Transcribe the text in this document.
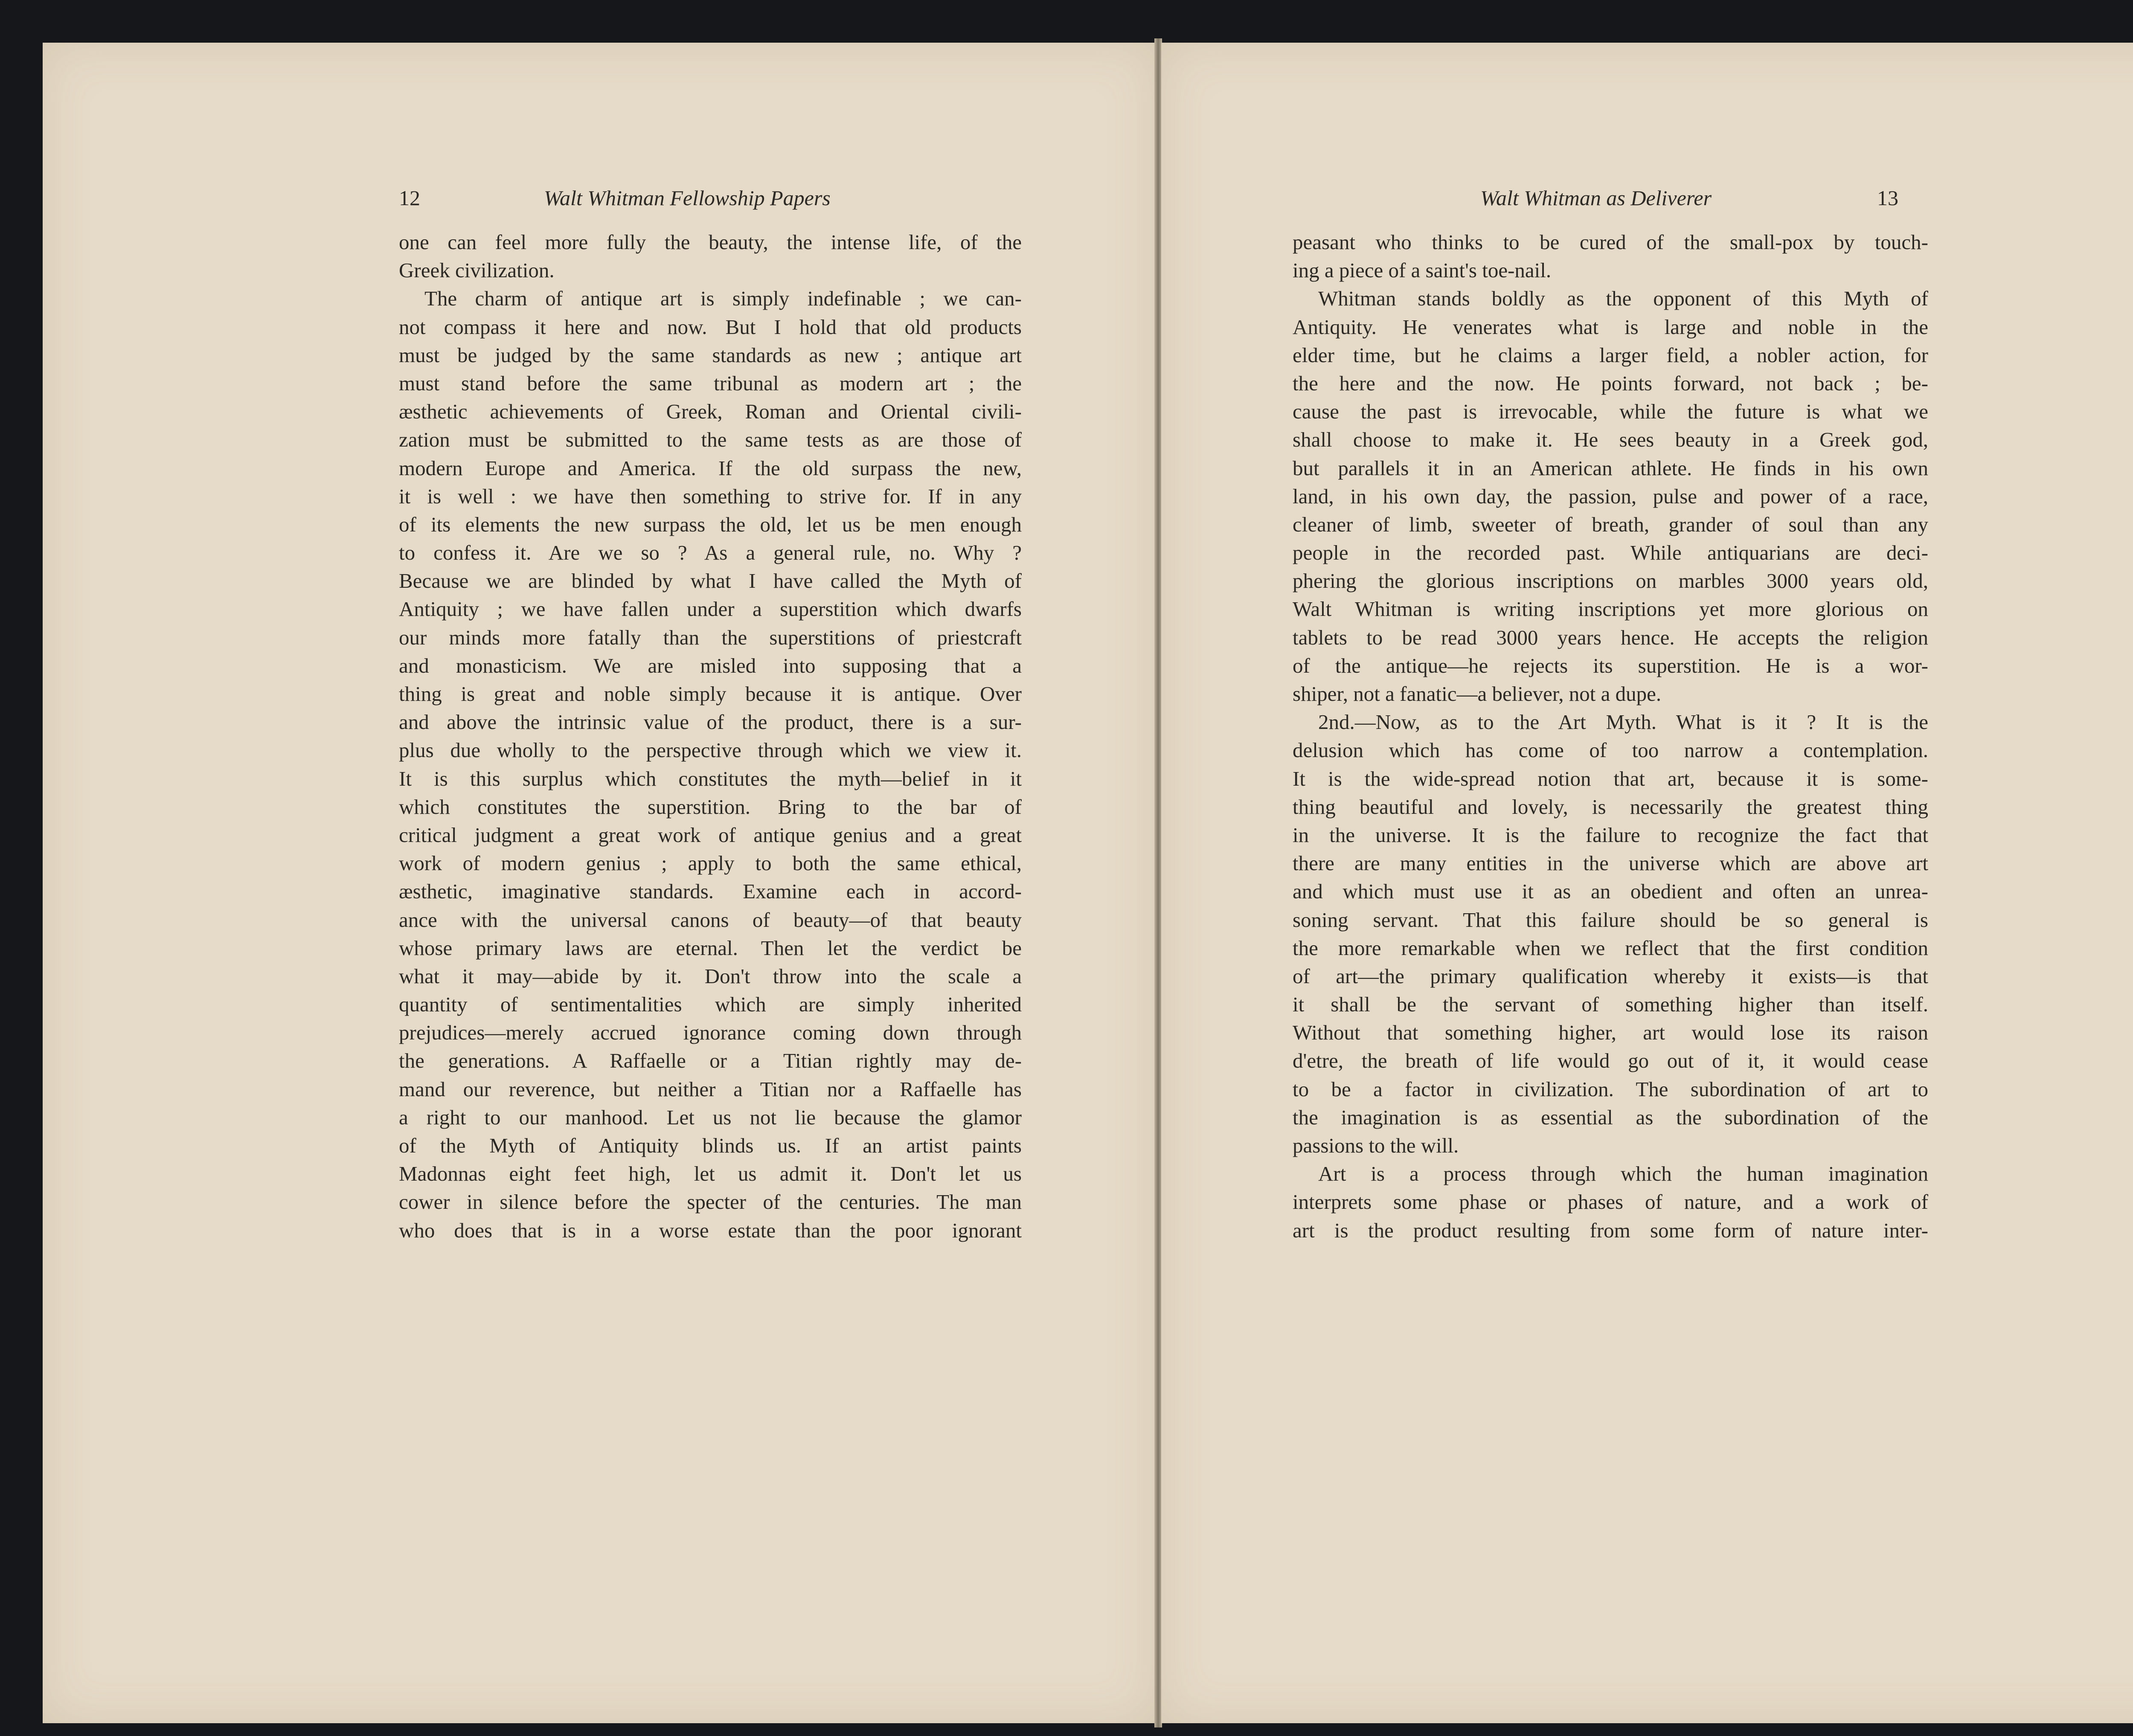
12	Walt Whitman Fellowship Papers	Walt Whitman as Deliverer	13
one can feel more fully the beauty, the intense life, of the
Greek civilization.
The charm of antique art is simply indefinable ; we can-
not compass it here and now. But I hold that old products
must be judged by the same standards as new ; antique art
must stand before the same tribunal as modern art ; the
æsthetic achievements of Greek, Roman and Oriental civili-
zation must be submitted to the same tests as are those of
modern Europe and America. If the old surpass the new,
it is well : we have then something to strive for. If in any
of its elements the new surpass the old, let us be men enough
to confess it. Are we so ? As a general rule, no. Why ?
Because we are blinded by what I have called the Myth of
Antiquity ; we have fallen under a superstition which dwarfs
our minds more fatally than the superstitions of priestcraft
and monasticism. We are misled into supposing that a
thing is great and noble simply because it is antique. Over
and above the intrinsic value of the product, there is a sur-
plus due wholly to the perspective through which we view it.
It is this surplus which constitutes the myth—belief in it
which constitutes the superstition. Bring to the bar of
critical judgment a great work of antique genius and a great
work of modern genius ; apply to both the same ethical,
æsthetic, imaginative standards. Examine each in accord-
ance with the universal canons of beauty—of that beauty
whose primary laws are eternal. Then let the verdict be
what it may—abide by it. Don't throw into the scale a
quantity of sentimentalities which are simply inherited
prejudices—merely accrued ignorance coming down through
the generations. A Raffaelle or a Titian rightly may de-
mand our reverence, but neither a Titian nor a Raffaelle has
a right to our manhood. Let us not lie because the glamor
of the Myth of Antiquity blinds us. If an artist paints
Madonnas eight feet high, let us admit it. Don't let us
cower in silence before the specter of the centuries. The man
who does that is in a worse estate than the poor ignorant
peasant who thinks to be cured of the small-pox by touch-
ing a piece of a saint's toe-nail.
Whitman stands boldly as the opponent of this Myth of
Antiquity. He venerates what is large and noble in the
elder time, but he claims a larger field, a nobler action, for
the here and the now. He points forward, not back ; be-
cause the past is irrevocable, while the future is what we
shall choose to make it. He sees beauty in a Greek god,
but parallels it in an American athlete. He finds in his own
land, in his own day, the passion, pulse and power of a race,
cleaner of limb, sweeter of breath, grander of soul than any
people in the recorded past. While antiquarians are deci-
phering the glorious inscriptions on marbles 3000 years old,
Walt Whitman is writing inscriptions yet more glorious on
tablets to be read 3000 years hence. He accepts the religion
of the antique—he rejects its superstition. He is a wor-
shiper, not a fanatic—a believer, not a dupe.
2nd.—Now, as to the Art Myth. What is it ? It is the
delusion which has come of too narrow a contemplation.
It is the wide-spread notion that art, because it is some-
thing beautiful and lovely, is necessarily the greatest thing
in the universe. It is the failure to recognize the fact that
there are many entities in the universe which are above art
and which must use it as an obedient and often an unrea-
soning servant. That this failure should be so general is
the more remarkable when we reflect that the first condition
of art—the primary qualification whereby it exists—is that
it shall be the servant of something higher than itself.
Without that something higher, art would lose its raison
d'etre, the breath of life would go out of it, it would cease
to be a factor in civilization. The subordination of art to
the imagination is as essential as the subordination of the
passions to the will.
Art is a process through which the human imagination
interprets some phase or phases of nature, and a work of
art is the product resulting from some form of nature inter-
